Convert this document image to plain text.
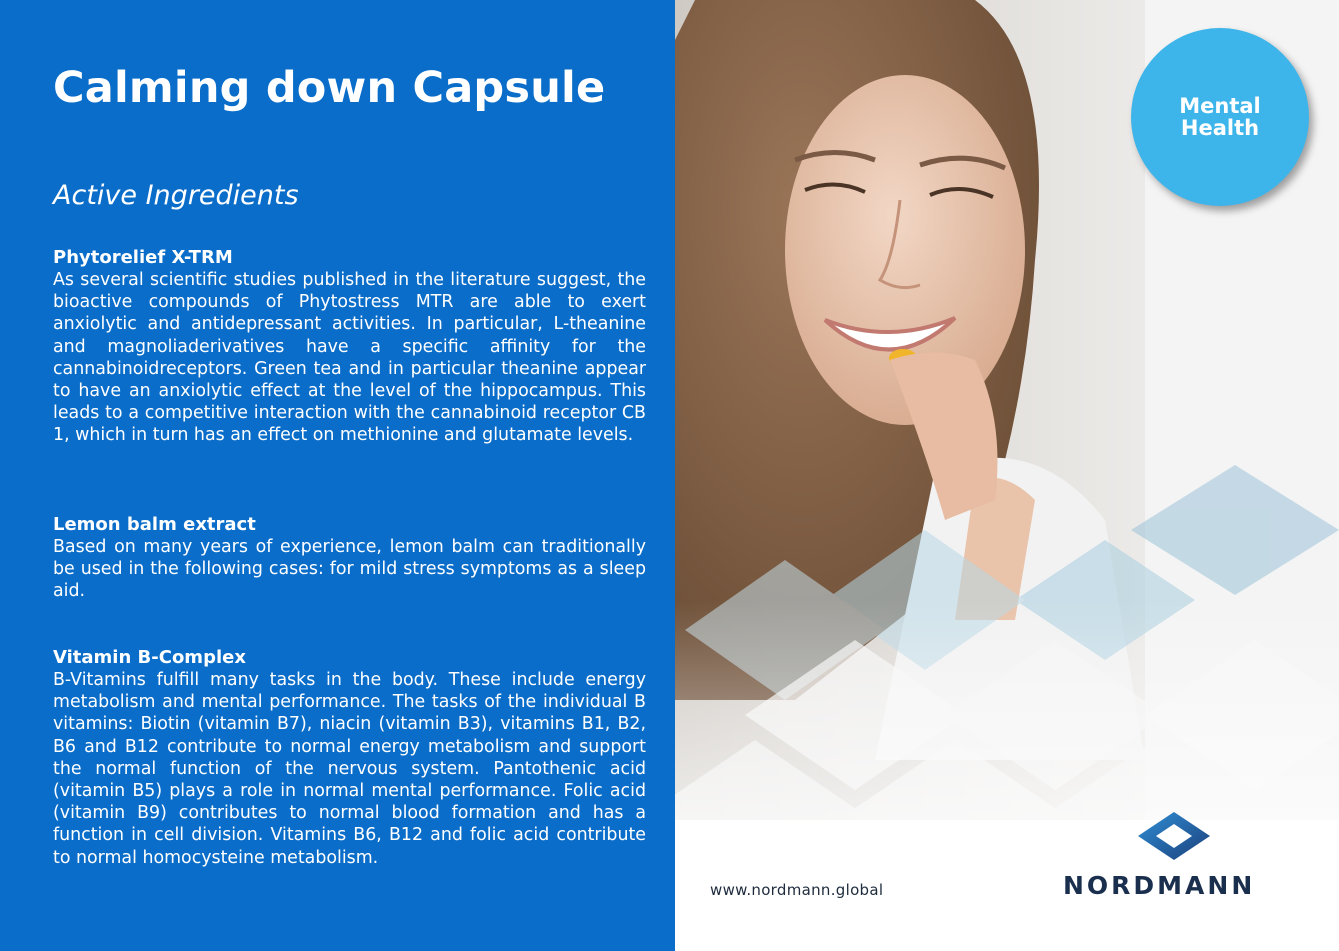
Calming down Capsule
Active Ingredients
Phytorelief X-TRM

As several scientific studies published in the literature suggest, the bioactive compounds of Phytostress MTR are able to exert anxiolytic and antidepressant activities. In particular, L-theanine and magnoliaderivatives have a specific affinity for the cannabinoidreceptors. Green tea and in particular theanine appear to have an anxiolytic effect at the level of the hippocampus. This leads to a competitive interaction with the cannabinoid receptor CB 1, which in turn has an effect on methionine and glutamate levels.

Lemon balm extract

Based on many years of experience, lemon balm can traditionally be used in the following cases: for mild stress symptoms as a sleep aid.

Vitamin B-Complex

B-Vitamins fulfill many tasks in the body. These include energy metabolism and mental performance. The tasks of the individual B vitamins: Biotin (vitamin B7), niacin (vitamin B3), vitamins B1, B2, B6 and B12 contribute to normal energy metabolism and support the normal function of the nervous system. Pantothenic acid (vitamin B5) plays a role in normal mental performance. Folic acid (vitamin B9) contributes to normal blood formation and has a function in cell division. Vitamins B6, B12 and folic acid contribute to normal homocysteine metabolism.

Mental Health
www.nordmann.global	NORDMANN
